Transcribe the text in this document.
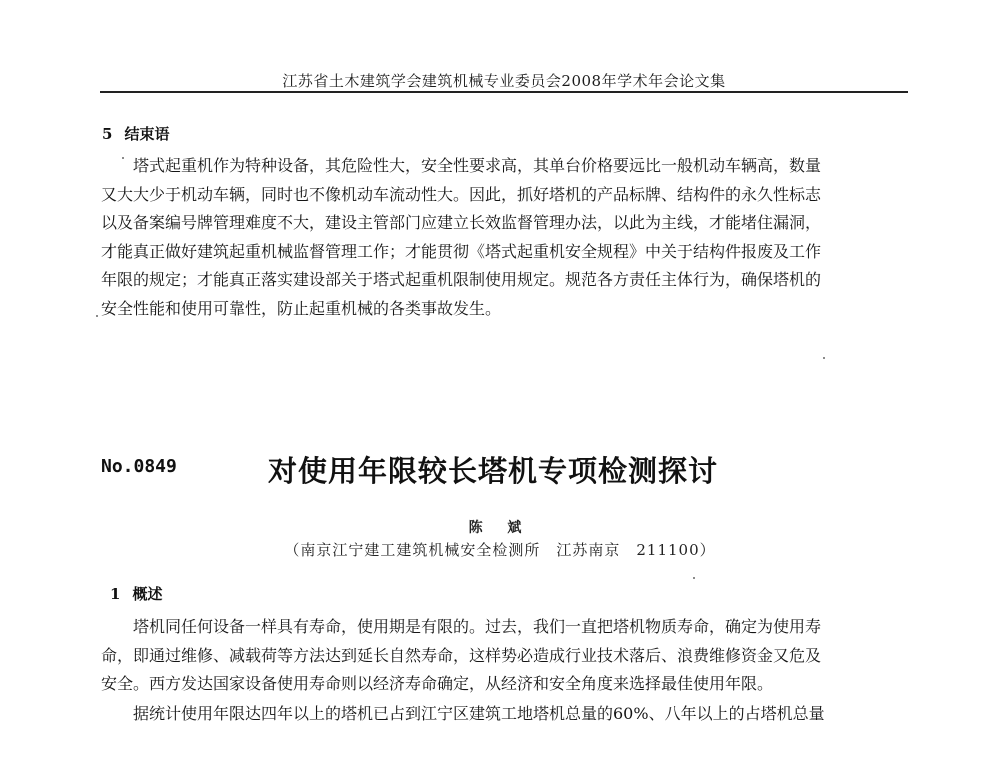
江苏省土木建筑学会建筑机械专业委员会2008年学术年会论文集
5 结束语
塔式起重机作为特种设备，其危险性大，安全性要求高，其单台价格要远比一般机动车辆高，数量
又大大少于机动车辆，同时也不像机动车流动性大。因此，抓好塔机的产品标牌、结构件的永久性标志
以及备案编号牌管理难度不大，建设主管部门应建立长效监督管理办法，以此为主线，才能堵住漏洞，
才能真正做好建筑起重机械监督管理工作；才能贯彻《塔式起重机安全规程》中关于结构件报废及工作
年限的规定；才能真正落实建设部关于塔式起重机限制使用规定。规范各方责任主体行为，确保塔机的
安全性能和使用可靠性，防止起重机械的各类事故发生。
No.0849	对使用年限较长塔机专项检测探讨
陈 斌
（南京江宁建工建筑机械安全检测所　江苏南京　211100）
1 概述
塔机同任何设备一样具有寿命，使用期是有限的。过去，我们一直把塔机物质寿命，确定为使用寿
命，即通过维修、减载荷等方法达到延长自然寿命，这样势必造成行业技术落后、浪费维修资金又危及
安全。西方发达国家设备使用寿命则以经济寿命确定，从经济和安全角度来选择最佳使用年限。
据统计使用年限达四年以上的塔机已占到江宁区建筑工地塔机总量的60%、八年以上的占塔机总量
